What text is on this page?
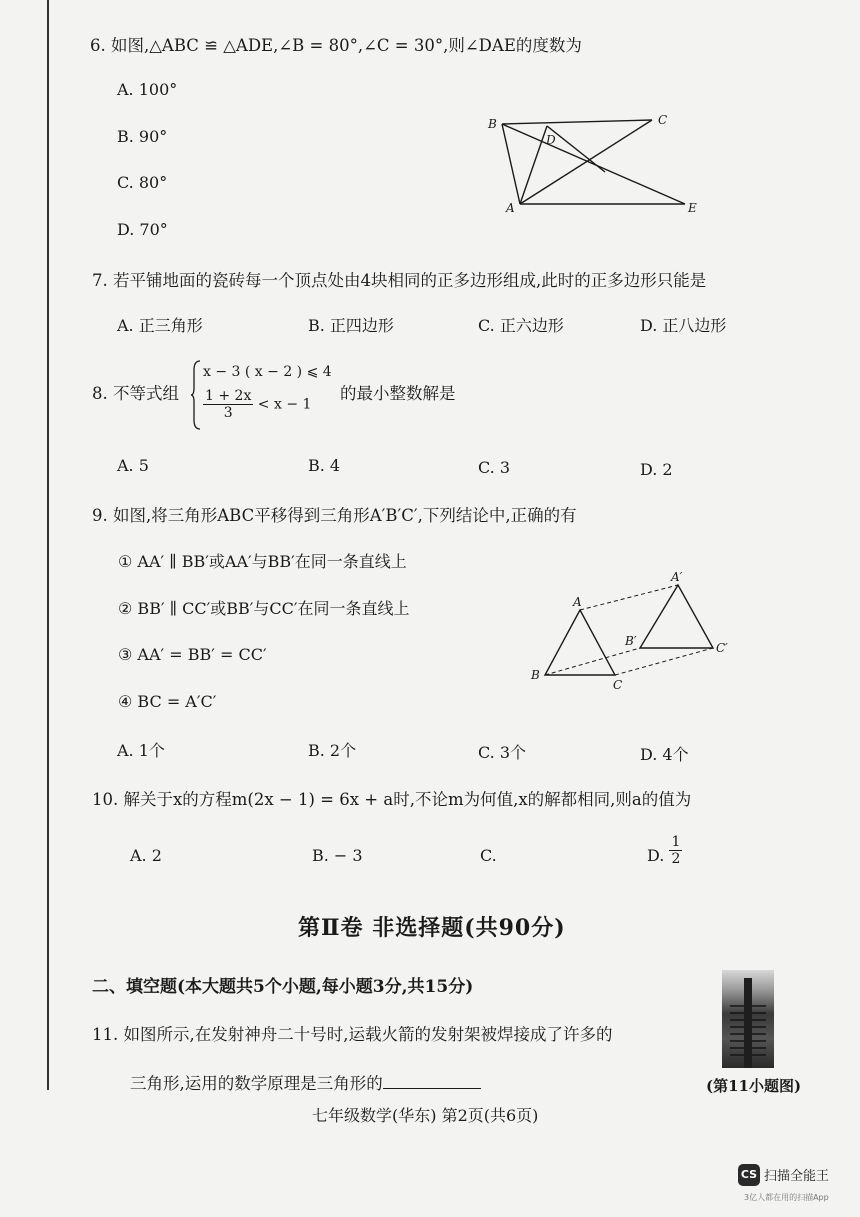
6. 如图,△ABC ≌ △ADE,∠B = 80°,∠C = 30°,则∠DAE的度数为
A. 100°
B. 90°
C. 80°
D. 70°
B	C
D
A	E
7. 若平铺地面的瓷砖每一个顶点处由4块相同的正多边形组成,此时的正多边形只能是
A. 正三角形	B. 正四边形	C. 正六边形	D. 正八边形
8. 不等式组
x − 3 ( x − 2 ) ⩽ 4
$\frac{1 + 2x}{3} < x - 1$
的最小整数解是
A. 5	B. 4	C. 3	D. 2
9. 如图,将三角形ABC平移得到三角形A′B′C′,下列结论中,正确的有
① AA′ ∥ BB′或AA′与BB′在同一条直线上
② BB′ ∥ CC′或BB′与CC′在同一条直线上
③ AA′ = BB′ = CC′
④ BC = A′C′
A
B
C
A′
B′	C′
A. 1个	B. 2个	C. 3个	D. 4个
10. 解关于x的方程m(2x − 1) = 6x + a时,不论m为何值,x的解都相同,则a的值为
A. 2	B. − 3	C.	D. $\frac{1}{2}$
第Ⅱ卷 非选择题(共90分)
二、填空题(本大题共5个小题,每小题3分,共15分)
11. 如图所示,在发射神舟二十号时,运载火箭的发射架被焊接成了许多的
三角形,运用的数学原理是三角形的	(第11小题图)
七年级数学(华东) 第2页(共6页)
CS 扫描全能王
3亿人都在用的扫描App
